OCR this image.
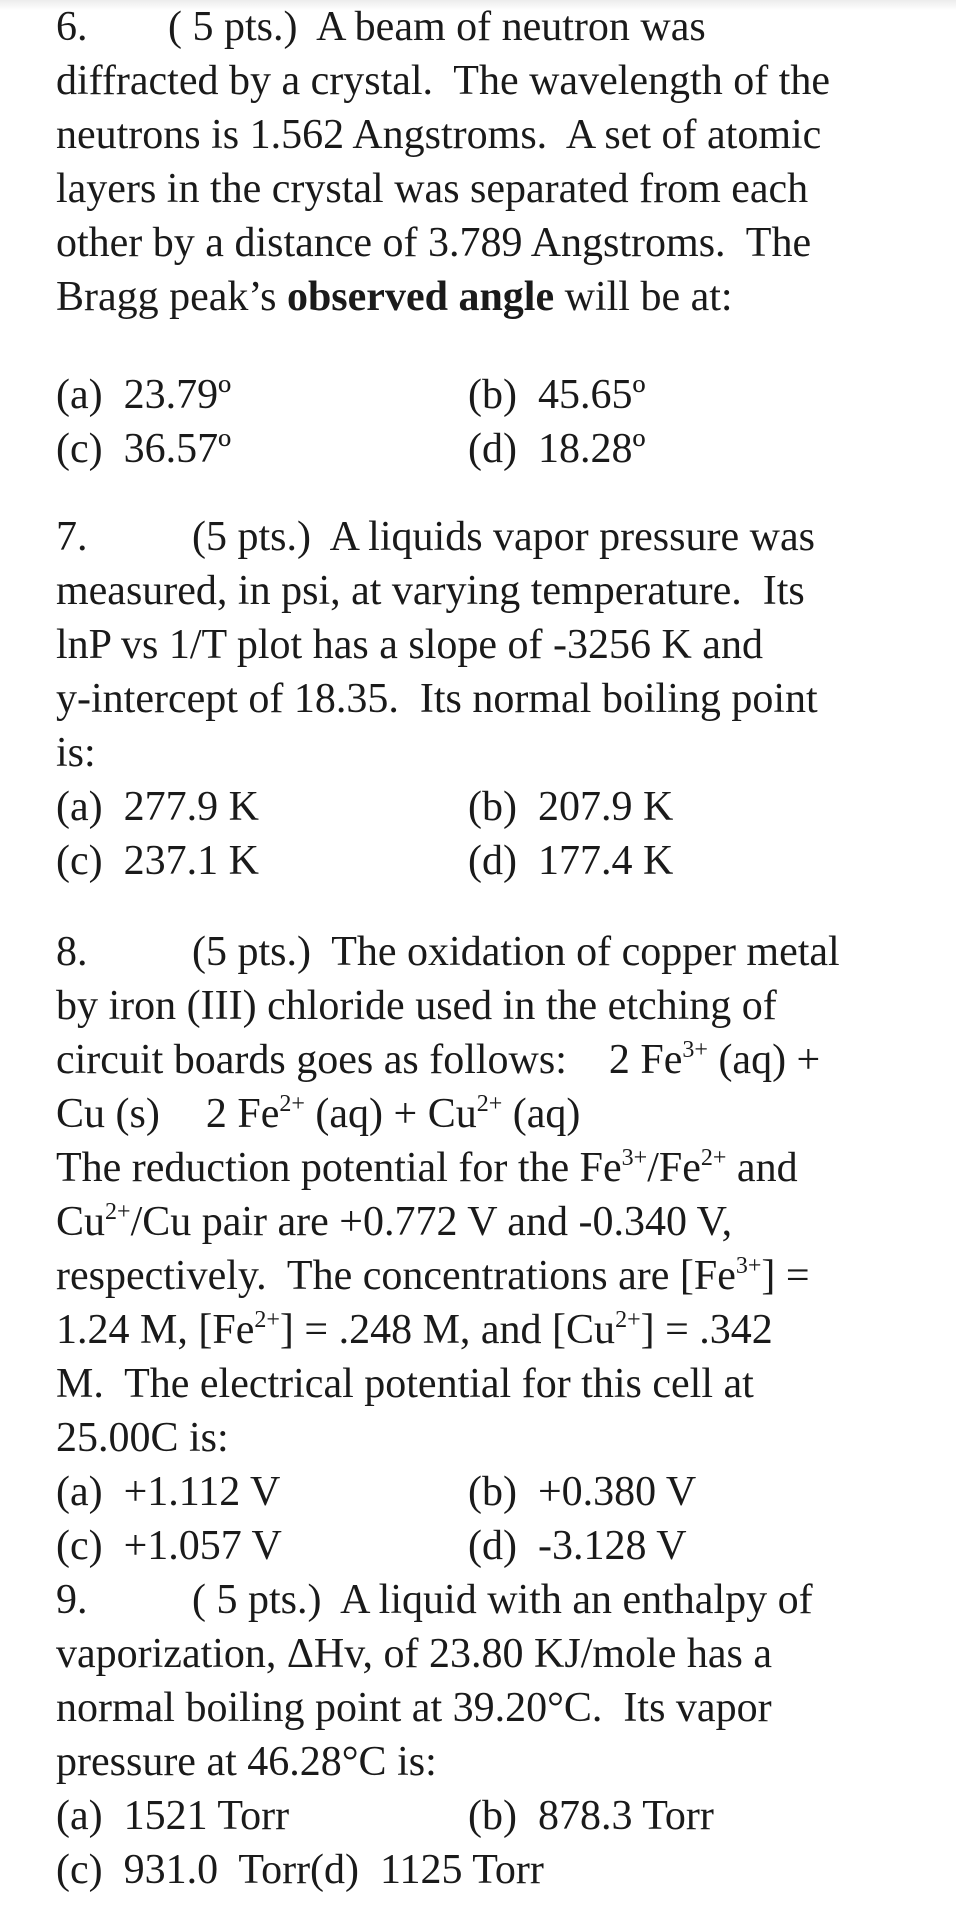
6. ( 5 pts.)  A beam of neutron was
diffracted by a crystal.  The wavelength of the
neutrons is 1.562 Angstroms.  A set of atomic
layers in the crystal was separated from each
other by a distance of 3.789 Angstroms.  The
Bragg peak’s observed angle will be at:
(a)  23.79º	(b)  45.65º
(c)  36.57º	(d)  18.28º
7. (5 pts.)  A liquids vapor pressure was
measured, in psi, at varying temperature.  Its
lnP vs 1/T plot has a slope of -3256 K and
y-intercept of 18.35.  Its normal boiling point
is:
(a)  277.9 K	(b)  207.9 K
(c)  237.1 K	(d)  177.4 K
8. (5 pts.)  The oxidation of copper metal
by iron (III) chloride used in the etching of
circuit boards goes as follows:    2 $Fe^{3+}$ (aq) +
Cu (s) 2 $Fe^{2+}$ $(aq) + Cu^{2+}$ (aq)
The reduction potential for the $Fe^{3+}/Fe^{2+}$ and
$Cu^{2+}/Cu$ pair are +0.772 V and -0.340 V,
respectively.  The concentrations are $[Fe^{3+}]$ =
1.24 M, $[Fe^{2+}] = .248$ M, and $[Cu^{2+}] = .342$
M.  The electrical potential for this cell at
25.00C is:
(a)  +1.112 V	(b)  +0.380 V
(c)  +1.057 V	(d)  -3.128 V
9. ( 5 pts.)  A liquid with an enthalpy of
vaporization, ΔHv, of 23.80 KJ/mole has a
normal boiling point at 39.20°C.  Its vapor
pressure at 46.28°C is:
(a)  1521 Torr	(b)  878.3 Torr
(c)  931.0  Torr(d)  1125 Torr
